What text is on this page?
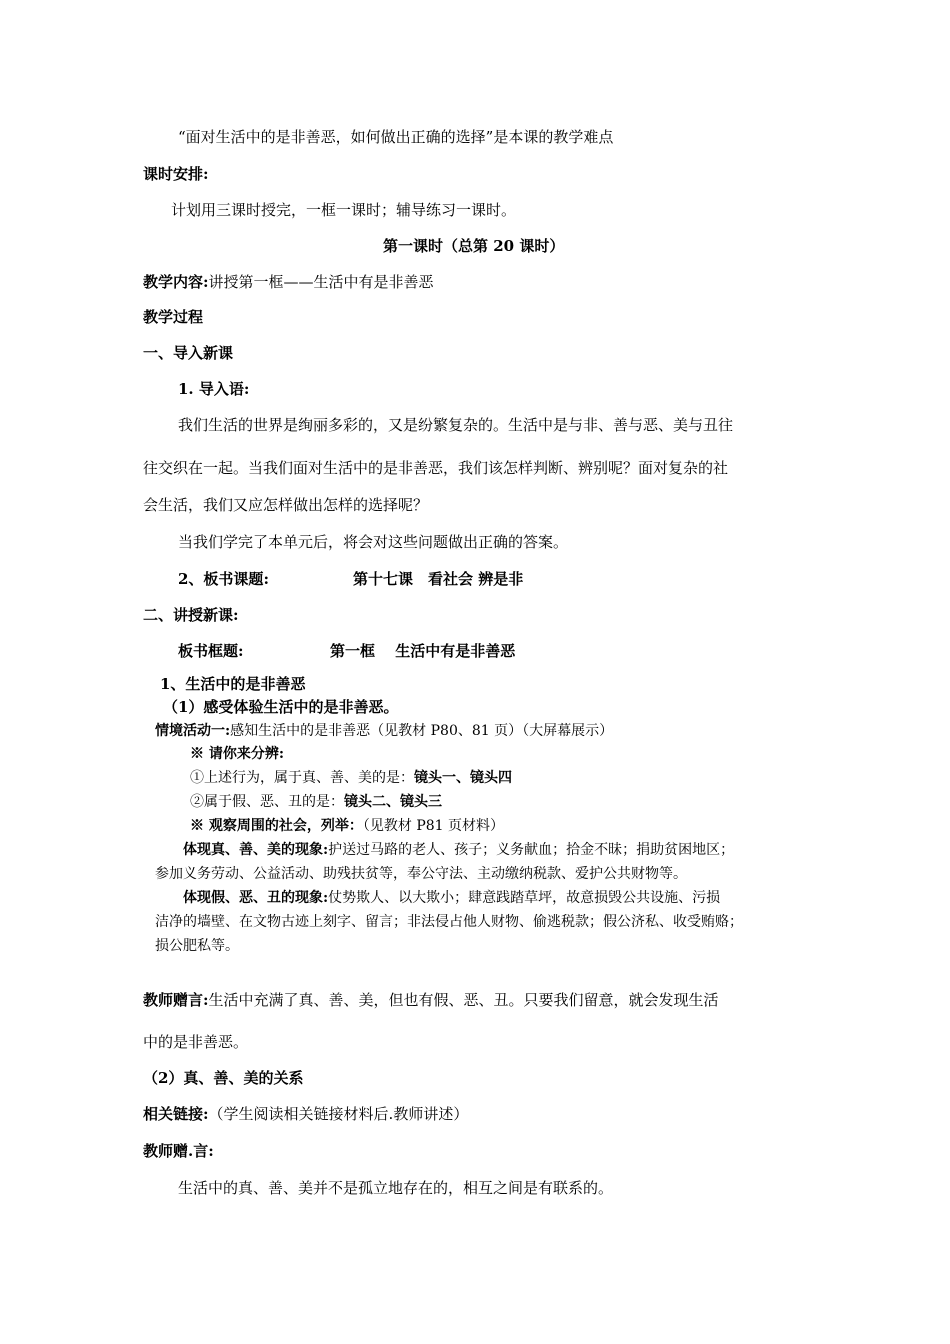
“面对生活中的是非善恶，如何做出正确的选择”是本课的教学难点
课时安排:
计划用三课时授完，一框一课时；辅导练习一课时。
第一课时（总第 20 课时）
教学内容:讲授第一框——生活中有是非善恶
教学过程
一、导入新课
1. 导入语:
我们生活的世界是绚丽多彩的，又是纷繁复杂的。生活中是与非、善与恶、美与丑往
往交织在一起。当我们面对生活中的是非善恶，我们该怎样判断、辨别呢？面对复杂的社
会生活，我们又应怎样做出怎样的选择呢？
当我们学完了本单元后，将会对这些问题做出正确的答案。
2、板书课题:	第十七课　看社会 辨是非
二、讲授新课:
板书框题:	第一框　 生活中有是非善恶
1、生活中的是非善恶
（1）感受体验生活中的是非善恶。
情境活动一:感知生活中的是非善恶（见教材 P80、81 页）（大屏幕展示）
※ 请你来分辨:
①上述行为，属于真、善、美的是：镜头一、镜头四
②属于假、恶、丑的是：镜头二、镜头三
※ 观察周围的社会，列举：（见教材 P81 页材料）
体现真、善、美的现象:护送过马路的老人、孩子；义务献血；拾金不昧；捐助贫困地区；
参加义务劳动、公益活动、助残扶贫等，奉公守法、主动缴纳税款、爱护公共财物等。
体现假、恶、丑的现象:仗势欺人、以大欺小；肆意践踏草坪，故意损毁公共设施、污损
洁净的墙壁、在文物古迹上刻字、留言；非法侵占他人财物、偷逃税款；假公济私、收受贿赂；
损公肥私等。
教师赠言:生活中充满了真、善、美，但也有假、恶、丑。只要我们留意，就会发现生活
中的是非善恶。
（2）真、善、美的关系
相关链接:（学生阅读相关链接材料后.教师讲述）
教师赠.言:
生活中的真、善、美并不是孤立地存在的，相互之间是有联系的。
